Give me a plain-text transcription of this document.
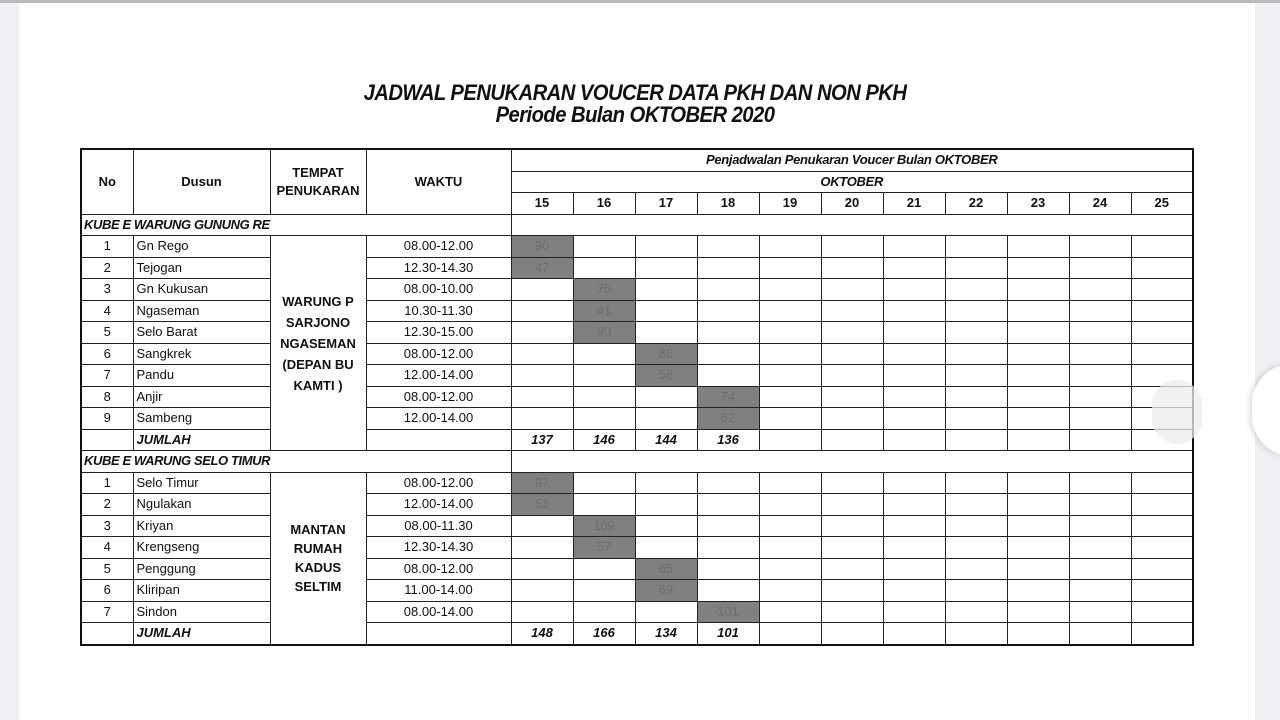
JADWAL PENUKARAN VOUCER DATA PKH DAN NON PKH
Periode Bulan OKTOBER 2020
No	Dusun	TEMPAT PENUKARAN	WAKTU	Penjadwalan Penukaran Voucer Bulan OKTOBER										
				OKTOBER										
				15	16	17	18	19	20	21	22	23	24	25
KUBE E WARUNG GUNUNG RE														
1	Gn Rego	WARUNG P SARJONO NGASEMAN (DEPAN BU KAMTI )	08.00-12.00	90										
2	Tejogan		12.30-14.30	47										
3	Gn Kukusan		08.00-10.00		75									
4	Ngaseman		10.30-11.30		41									
5	Selo Barat		12.30-15.00		30									
6	Sangkrek		08.00-12.00			86								
7	Pandu		12.00-14.00			58								
8	Anjir		08.00-12.00				74							
9	Sambeng		12.00-14.00				62							
	JUMLAH			137	146	144	136							
KUBE E WARUNG SELO TIMUR														
1	Selo Timur	MANTAN RUMAH KADUS SELTIM	08.00-12.00	97										
2	Ngulakan		12.00-14.00	51										
3	Kriyan		08.00-11.30		109									
4	Krengseng		12.30-14.30		57									
5	Penggung		08.00-12.00			65								
6	Kliripan		11.00-14.00			69								
7	Sindon		08.00-14.00				101							
	JUMLAH			148	166	134	101							
